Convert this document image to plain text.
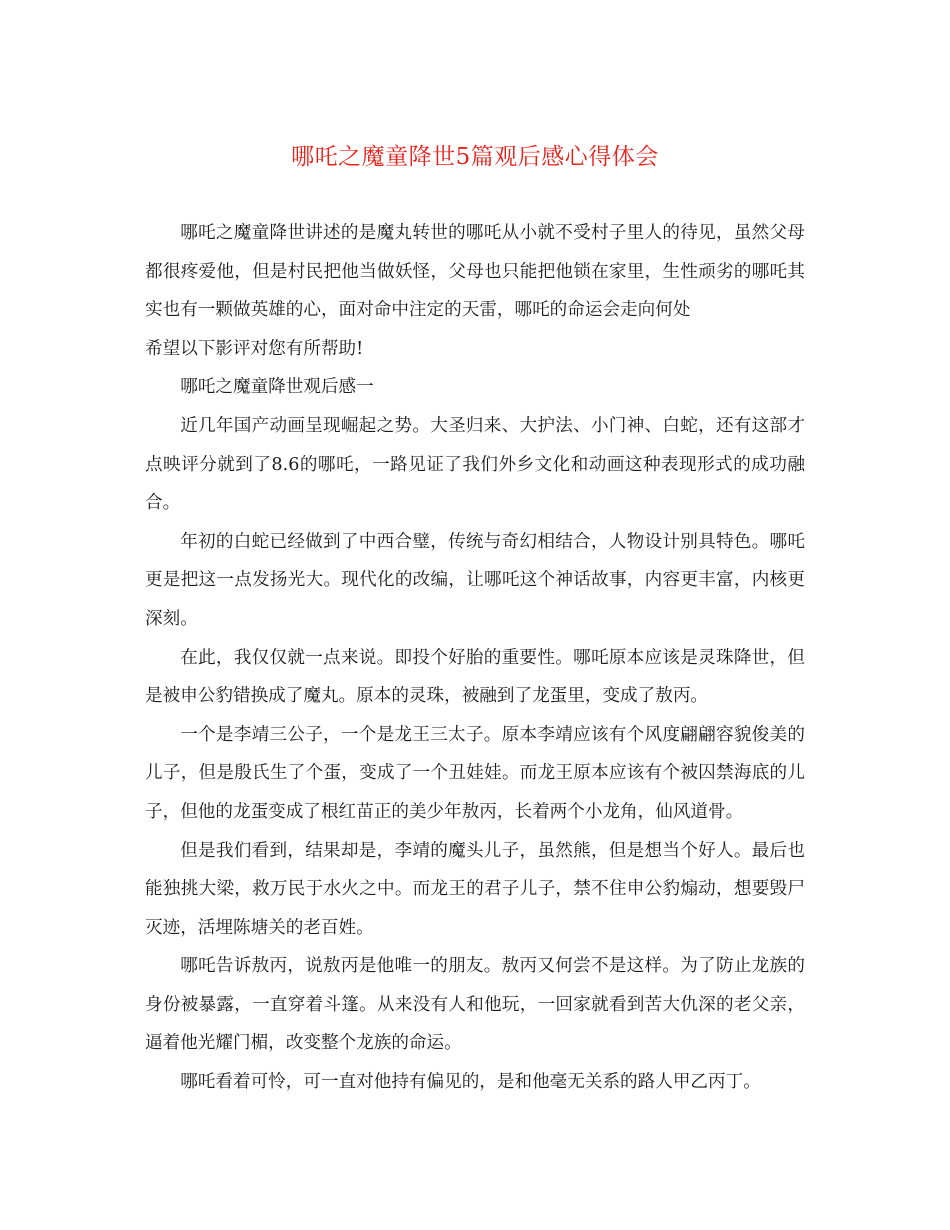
哪吒之魔童降世5篇观后感心得体会

哪吒之魔童降世讲述的是魔丸转世的哪吒从小就不受村子里人的待见，虽然父母都很疼爱他，但是村民把他当做妖怪，父母也只能把他锁在家里，生性顽劣的哪吒其实也有一颗做英雄的心，面对命中注定的天雷，哪吒的命运会走向何处

希望以下影评对您有所帮助!

哪吒之魔童降世观后感一

近几年国产动画呈现崛起之势。大圣归来、大护法、小门神、白蛇，还有这部才点映评分就到了8.6的哪吒，一路见证了我们外乡文化和动画这种表现形式的成功融合。

年初的白蛇已经做到了中西合璧，传统与奇幻相结合，人物设计别具特色。哪吒更是把这一点发扬光大。现代化的改编，让哪吒这个神话故事，内容更丰富，内核更深刻。

在此，我仅仅就一点来说。即投个好胎的重要性。哪吒原本应该是灵珠降世，但是被申公豹错换成了魔丸。原本的灵珠，被融到了龙蛋里，变成了敖丙。

一个是李靖三公子，一个是龙王三太子。原本李靖应该有个风度翩翩容貌俊美的儿子，但是殷氏生了个蛋，变成了一个丑娃娃。而龙王原本应该有个被囚禁海底的儿子，但他的龙蛋变成了根红苗正的美少年敖丙，长着两个小龙角，仙风道骨。

但是我们看到，结果却是，李靖的魔头儿子，虽然熊，但是想当个好人。最后也能独挑大梁，救万民于水火之中。而龙王的君子儿子，禁不住申公豹煽动，想要毁尸灭迹，活埋陈塘关的老百姓。

哪吒告诉敖丙，说敖丙是他唯一的朋友。敖丙又何尝不是这样。为了防止龙族的身份被暴露，一直穿着斗篷。从来没有人和他玩，一回家就看到苦大仇深的老父亲，逼着他光耀门楣，改变整个龙族的命运。

哪吒看着可怜，可一直对他持有偏见的，是和他毫无关系的路人甲乙丙丁。
